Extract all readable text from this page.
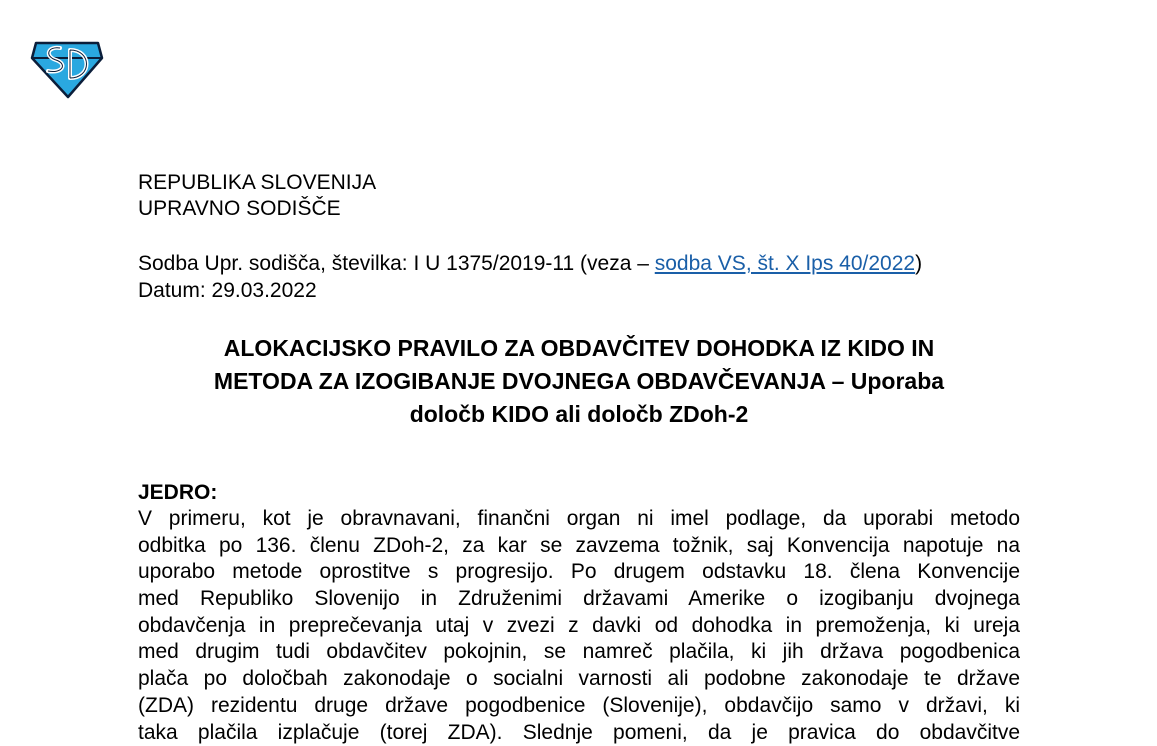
REPUBLIKA SLOVENIJA
UPRAVNO SODIŠČE
Sodba Upr. sodišča, številka: I U 1375/2019-11 (veza – sodba VS, št. X Ips 40/2022)
Datum: 29.03.2022
ALOKACIJSKO PRAVILO ZA OBDAVČITEV DOHODKA IZ KIDO IN
METODA ZA IZOGIBANJE DVOJNEGA OBDAVČEVANJA – Uporaba
določb KIDO ali določb ZDoh-2
JEDRO:
V primeru, kot je obravnavani, finančni organ ni imel podlage, da uporabi metodo
odbitka po 136. členu ZDoh-2, za kar se zavzema tožnik, saj Konvencija napotuje na
uporabo metode oprostitve s progresijo. Po drugem odstavku 18. člena Konvencije
med Republiko Slovenijo in Združenimi državami Amerike o izogibanju dvojnega
obdavčenja in preprečevanja utaj v zvezi z davki od dohodka in premoženja, ki ureja
med drugim tudi obdavčitev pokojnin, se namreč plačila, ki jih država pogodbenica
plača po določbah zakonodaje o socialni varnosti ali podobne zakonodaje te države
(ZDA) rezidentu druge države pogodbenice (Slovenije), obdavčijo samo v državi, ki
taka plačila izplačuje (torej ZDA). Slednje pomeni, da je pravica do obdavčitve
